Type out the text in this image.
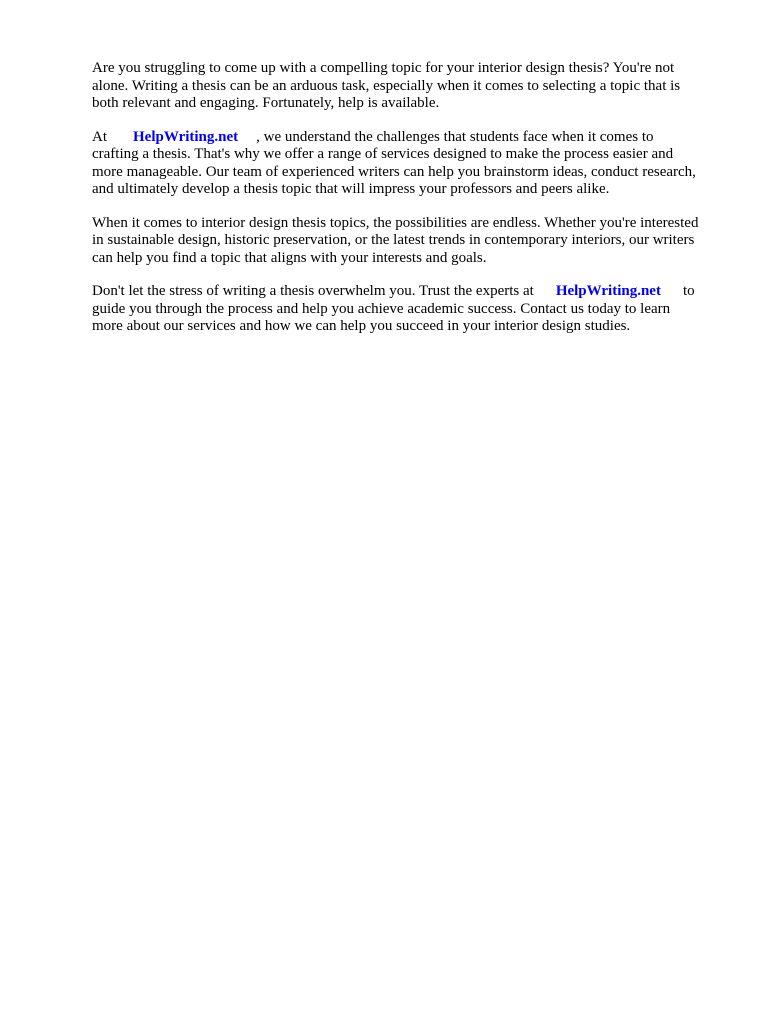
Are you struggling to come up with a compelling topic for your interior design thesis? You're not
alone. Writing a thesis can be an arduous task, especially when it comes to selecting a topic that is
both relevant and engaging. Fortunately, help is available.

At HelpWriting.net , we understand the challenges that students face when it comes to
crafting a thesis. That's why we offer a range of services designed to make the process easier and
more manageable. Our team of experienced writers can help you brainstorm ideas, conduct research,
and ultimately develop a thesis topic that will impress your professors and peers alike.

When it comes to interior design thesis topics, the possibilities are endless. Whether you're interested
in sustainable design, historic preservation, or the latest trends in contemporary interiors, our writers
can help you find a topic that aligns with your interests and goals.

Don't let the stress of writing a thesis overwhelm you. Trust the experts at HelpWriting.net to
guide you through the process and help you achieve academic success. Contact us today to learn
more about our services and how we can help you succeed in your interior design studies.
